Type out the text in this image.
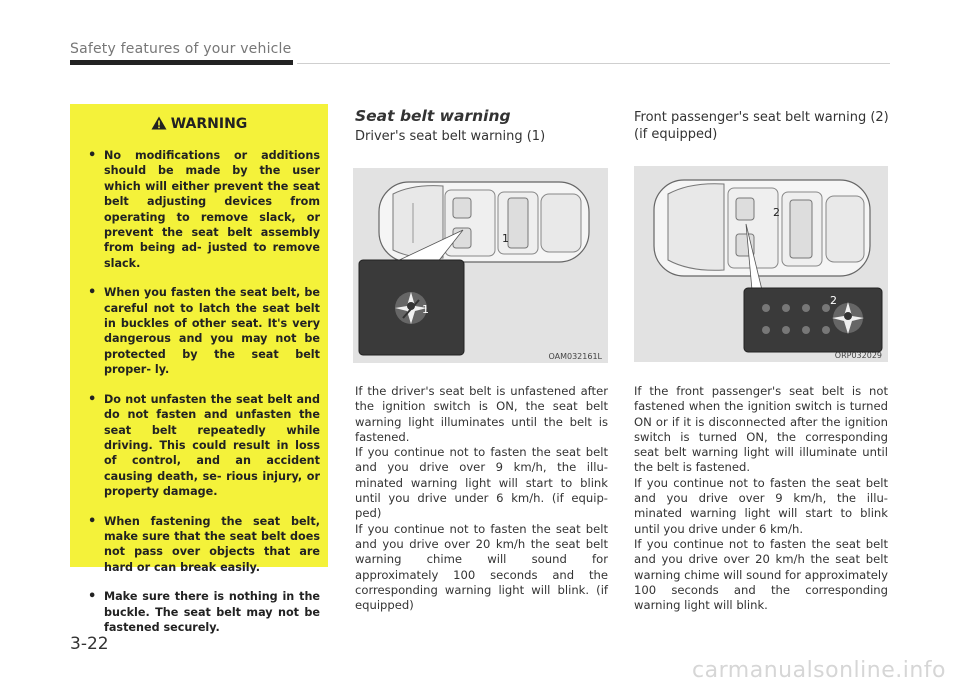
Safety features of your vehicle
WARNING
• No modifications or additions should be made by the user which will either prevent the seat belt adjusting devices from operating to remove slack, or prevent the seat belt assembly from being ad- justed to remove slack.
• When you fasten the seat belt, be careful not to latch the seat belt in buckles of other seat. It's very dangerous and you may not be protected by the seat belt proper- ly.
• Do not unfasten the seat belt and do not fasten and unfasten the seat belt repeatedly while driving. This could result in loss of control, and an accident causing death, se- rious injury, or property damage.
• When fastening the seat belt, make sure that the seat belt does not pass over objects that are hard or can break easily.
• Make sure there is nothing in the buckle. The seat belt may not be fastened securely.
Seat belt warning
Driver's seat belt warning (1)
1
1
OAM032161L

If the driver's seat belt is unfastened after the ignition switch is ON, the seat belt warning light illuminates until the belt is fastened.

If you continue not to fasten the seat belt and you drive over 9 km/h, the illu- minated warning light will start to blink until you drive under 6 km/h. (if equip- ped)

If you continue not to fasten the seat belt and you drive over 20 km/h the seat belt warning chime will sound for approximately 100 seconds and the corresponding warning light will blink. (if equipped)

Front passenger's seat belt warning (2)
(if equipped)
2
2
ORP032029

If the front passenger's seat belt is not fastened when the ignition switch is turned ON or if it is disconnected after the ignition switch is turned ON, the corresponding seat belt warning light will illuminate until the belt is fastened.

If you continue not to fasten the seat belt and you drive over 9 km/h, the illu- minated warning light will start to blink until you drive under 6 km/h.

If you continue not to fasten the seat belt and you drive over 20 km/h the seat belt warning chime will sound for approximately 100 seconds and the corresponding warning light will blink.

3-22
carmanualsonline.info
